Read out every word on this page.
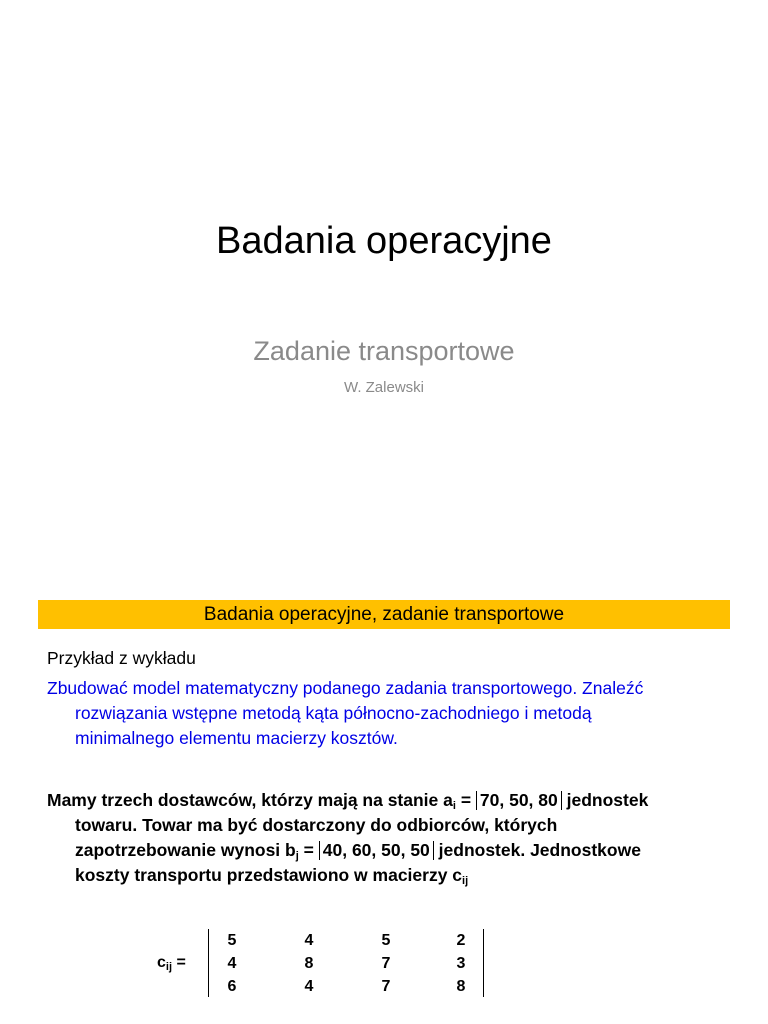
Badania operacyjne
Zadanie transportowe
W. Zalewski
Badania operacyjne, zadanie transportowe
Przykład z wykładu
Zbudować model matematyczny podanego zadania transportowego. Znaleźć
rozwiązania wstępne metodą kąta północno-zachodniego i metodą
minimalnego elementu macierzy kosztów.
Mamy trzech dostawców, którzy mają na stanie $a_i = 70$, 50, 80 jednostek
towaru. Towar ma być dostarczony do odbiorców, których
zapotrzebowanie wynosi $b_j = 40$, 60, 50, 50 jednostek. Jednostkowe
koszty transportu przedstawiono w macierzy $c_{ij}$
$c_{ij}$ =
5	4	5	2
4	8	7	3
6	4	7	8
